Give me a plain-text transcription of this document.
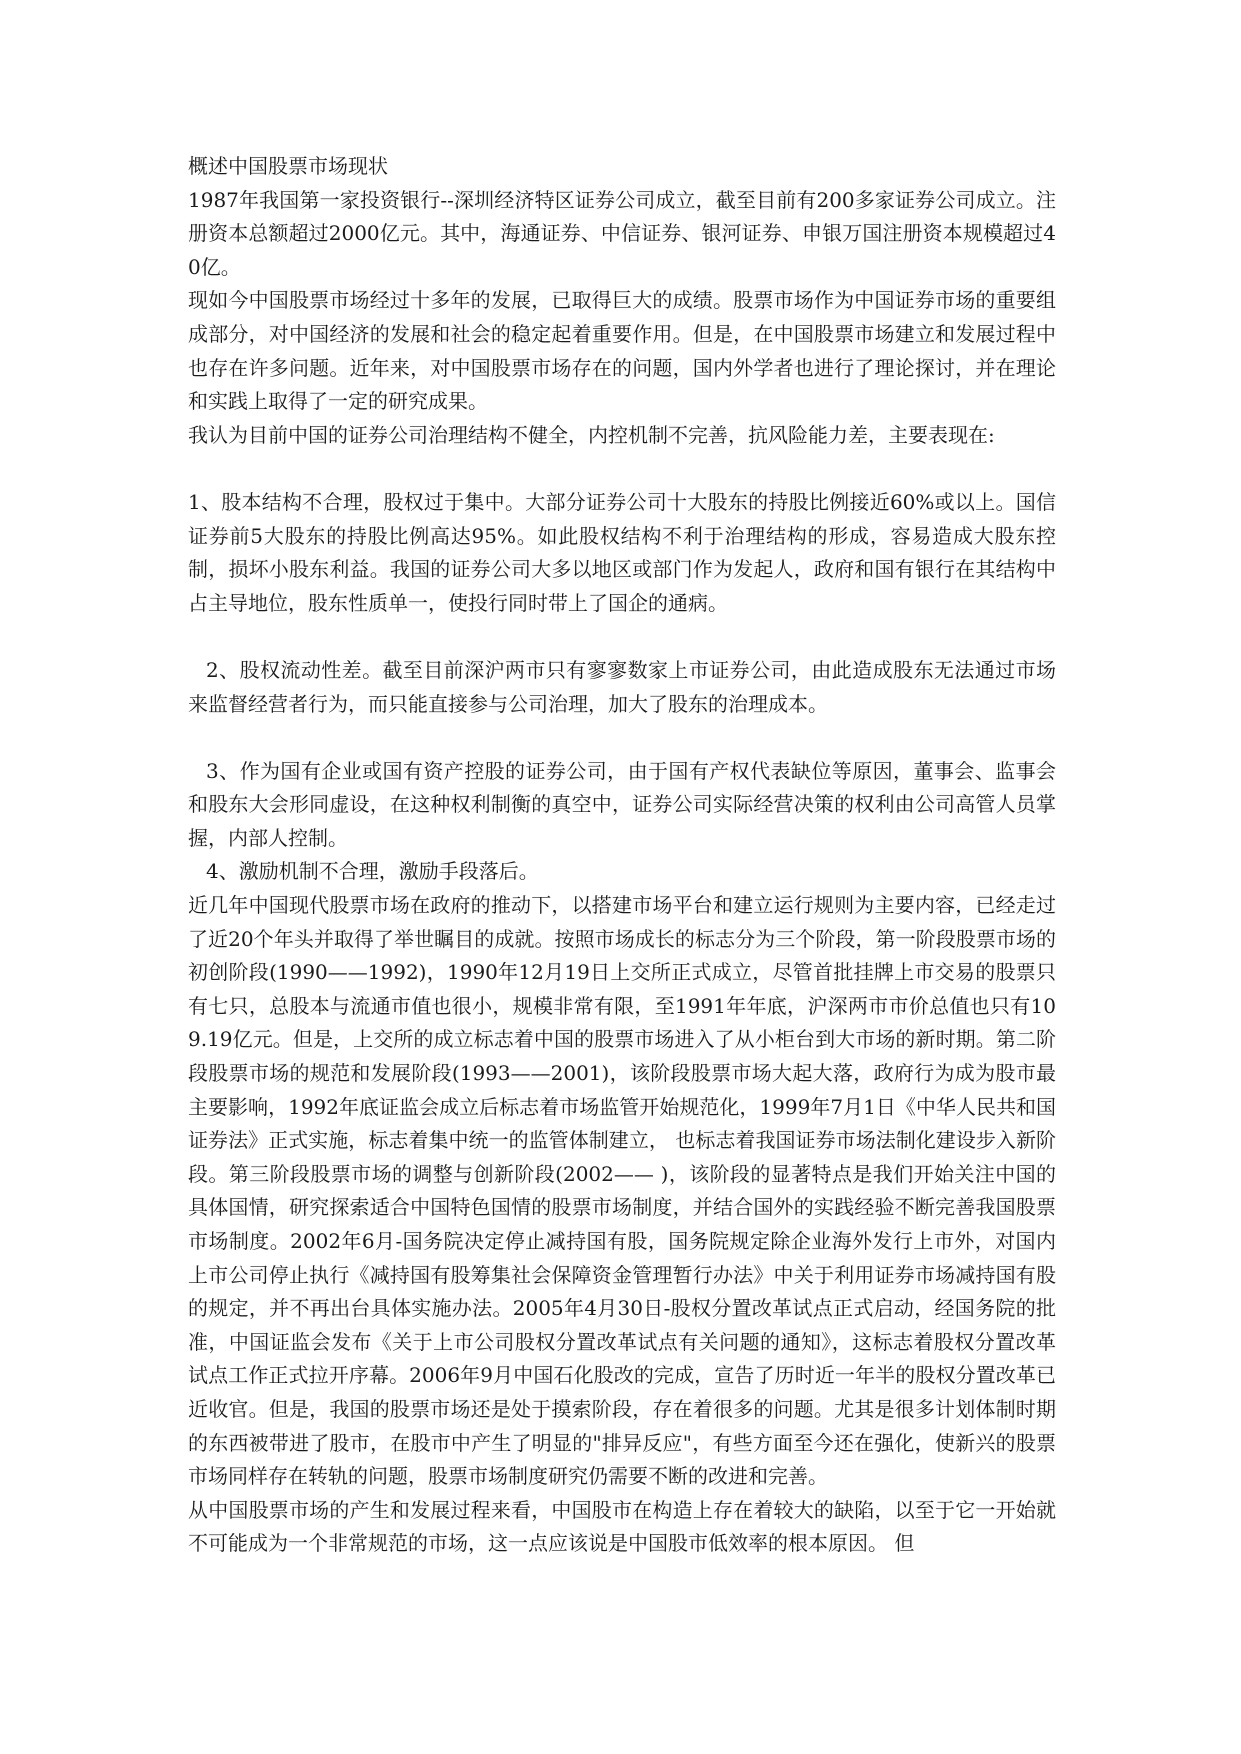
概述中国股票市场现状

1987年我国第一家投资银行--深圳经济特区证券公司成立，截至目前有200多家证券公司成立。注册资本总额超过2000亿元。其中，海通证券、中信证券、银河证券、申银万国注册资本规模超过40亿。

现如今中国股票市场经过十多年的发展，已取得巨大的成绩。股票市场作为中国证券市场的重要组成部分，对中国经济的发展和社会的稳定起着重要作用。但是，在中国股票市场建立和发展过程中也存在许多问题。近年来，对中国股票市场存在的问题，国内外学者也进行了理论探讨，并在理论和实践上取得了一定的研究成果。

我认为目前中国的证券公司治理结构不健全，内控机制不完善，抗风险能力差，主要表现在:

1、股本结构不合理，股权过于集中。大部分证券公司十大股东的持股比例接近60%或以上。国信证券前5大股东的持股比例高达95%。如此股权结构不利于治理结构的形成，容易造成大股东控制，损坏小股东利益。我国的证券公司大多以地区或部门作为发起人，政府和国有银行在其结构中占主导地位，股东性质单一，使投行同时带上了国企的通病。

2、股权流动性差。截至目前深沪两市只有寥寥数家上市证券公司，由此造成股东无法通过市场来监督经营者行为，而只能直接参与公司治理，加大了股东的治理成本。

3、作为国有企业或国有资产控股的证券公司，由于国有产权代表缺位等原因，董事会、监事会和股东大会形同虚设，在这种权利制衡的真空中，证券公司实际经营决策的权利由公司高管人员掌握，内部人控制。

4、激励机制不合理，激励手段落后。

近几年中国现代股票市场在政府的推动下，以搭建市场平台和建立运行规则为主要内容，已经走过了近20个年头并取得了举世瞩目的成就。按照市场成长的标志分为三个阶段，第一阶段股票市场的初创阶段(1990——1992)，1990年12月19日上交所正式成立，尽管首批挂牌上市交易的股票只有七只，总股本与流通市值也很小，规模非常有限，至1991年年底，沪深两市市价总值也只有109.19亿元。但是，上交所的成立标志着中国的股票市场进入了从小柜台到大市场的新时期。第二阶段股票市场的规范和发展阶段(1993——2001)，该阶段股票市场大起大落，政府行为成为股市最主要影响，1992年底证监会成立后标志着市场监管开始规范化，1999年7月1日《中华人民共和国证券法》正式实施，标志着集中统一的监管体制建立， 也标志着我国证券市场法制化建设步入新阶段。第三阶段股票市场的调整与创新阶段(2002—— )，该阶段的显著特点是我们开始关注中国的具体国情，研究探索适合中国特色国情的股票市场制度，并结合国外的实践经验不断完善我国股票市场制度。2002年6月-国务院决定停止减持国有股，国务院规定除企业海外发行上市外，对国内上市公司停止执行《减持国有股筹集社会保障资金管理暂行办法》中关于利用证券市场减持国有股的规定，并不再出台具体实施办法。2005年4月30日-股权分置改革试点正式启动，经国务院的批准，中国证监会发布《关于上市公司股权分置改革试点有关问题的通知》，这标志着股权分置改革试点工作正式拉开序幕。2006年9月中国石化股改的完成，宣告了历时近一年半的股权分置改革已近收官。但是，我国的股票市场还是处于摸索阶段，存在着很多的问题。尤其是很多计划体制时期的东西被带进了股市，在股市中产生了明显的"排异反应"，有些方面至今还在强化，使新兴的股票市场同样存在转轨的问题，股票市场制度研究仍需要不断的改进和完善。

从中国股票市场的产生和发展过程来看，中国股市在构造上存在着较大的缺陷，以至于它一开始就不可能成为一个非常规范的市场，这一点应该说是中国股市低效率的根本原因。 但
